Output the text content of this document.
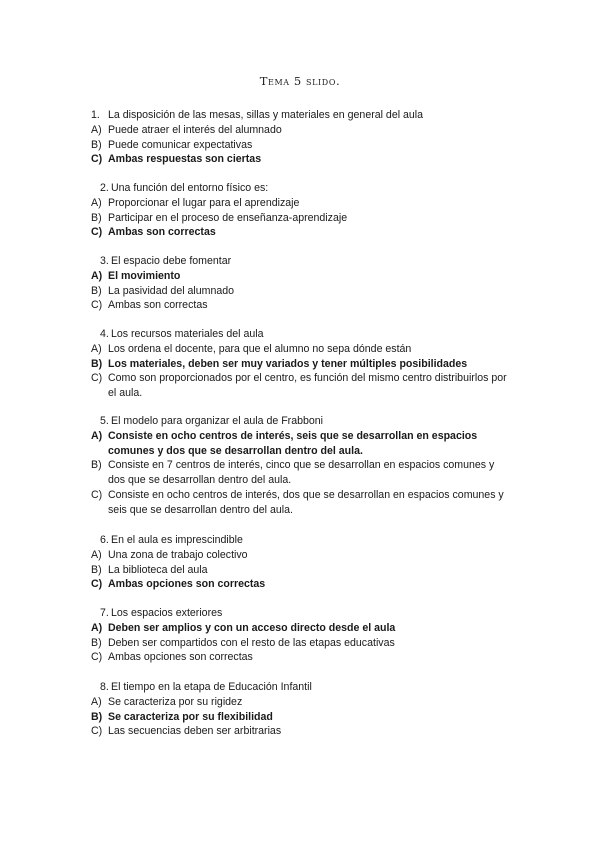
Tema 5 slido.
1. La disposición de las mesas, sillas y materiales en general del aula
A) Puede atraer el interés del alumnado
B) Puede comunicar expectativas
C) Ambas respuestas son ciertas
2. Una función del entorno físico es:
A) Proporcionar el lugar para el aprendizaje
B) Participar en el proceso de enseñanza-aprendizaje
C) Ambas son correctas
3. El espacio debe fomentar
A) El movimiento
B) La pasividad del alumnado
C) Ambas son correctas
4. Los recursos materiales del aula
A) Los ordena el docente, para que el alumno no sepa dónde están
B) Los materiales, deben ser muy variados y tener múltiples posibilidades
C) Como son proporcionados por el centro, es función del mismo centro distribuirlos por
el aula.
5. El modelo para organizar el aula de Frabboni
A) Consiste en ocho centros de interés, seis que se desarrollan en espacios
comunes y dos que se desarrollan dentro del aula.
B) Consiste en 7 centros de interés, cinco que se desarrollan en espacios comunes y
dos que se desarrollan dentro del aula.
C) Consiste en ocho centros de interés, dos que se desarrollan en espacios comunes y
seis que se desarrollan dentro del aula.
6. En el aula es imprescindible
A) Una zona de trabajo colectivo
B) La biblioteca del aula
C) Ambas opciones son correctas
7. Los espacios exteriores
A) Deben ser amplios y con un acceso directo desde el aula
B) Deben ser compartidos con el resto de las etapas educativas
C) Ambas opciones son correctas
8. El tiempo en la etapa de Educación Infantil
A) Se caracteriza por su rigidez
B) Se caracteriza por su flexibilidad
C) Las secuencias deben ser arbitrarias
